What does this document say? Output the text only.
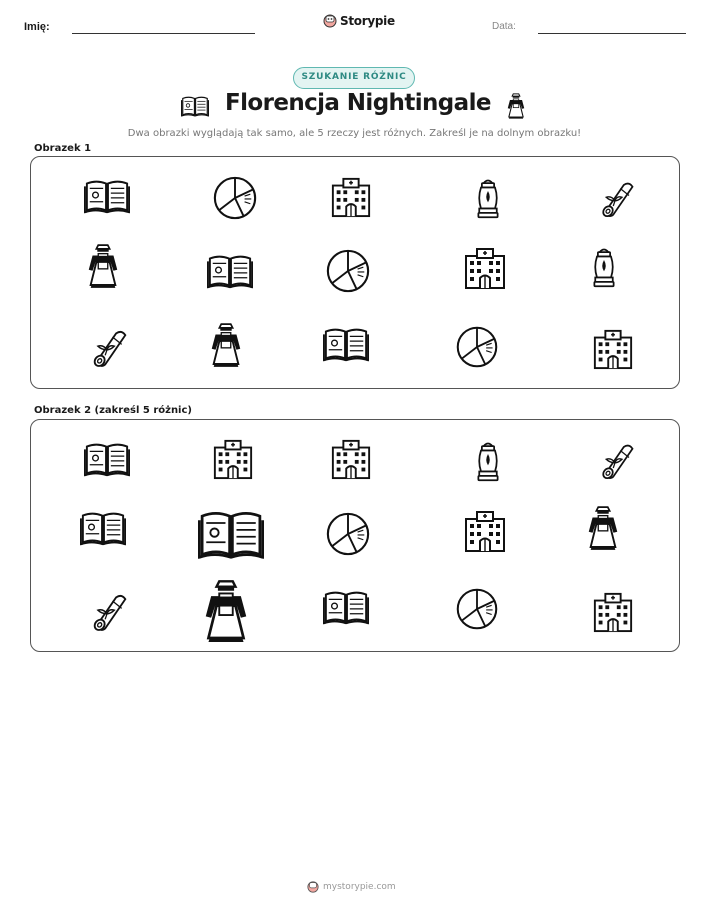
Imię:	Storypie	Data:
SZUKANIE RÓŻNIC
Florencja Nightingale
Dwa obrazki wyglądają tak samo, ale 5 rzeczy jest różnych. Zakreśl je na dolnym obrazku!
Obrazek 1
Obrazek 2 (zakreśl 5 różnic)
mystorypie.com
